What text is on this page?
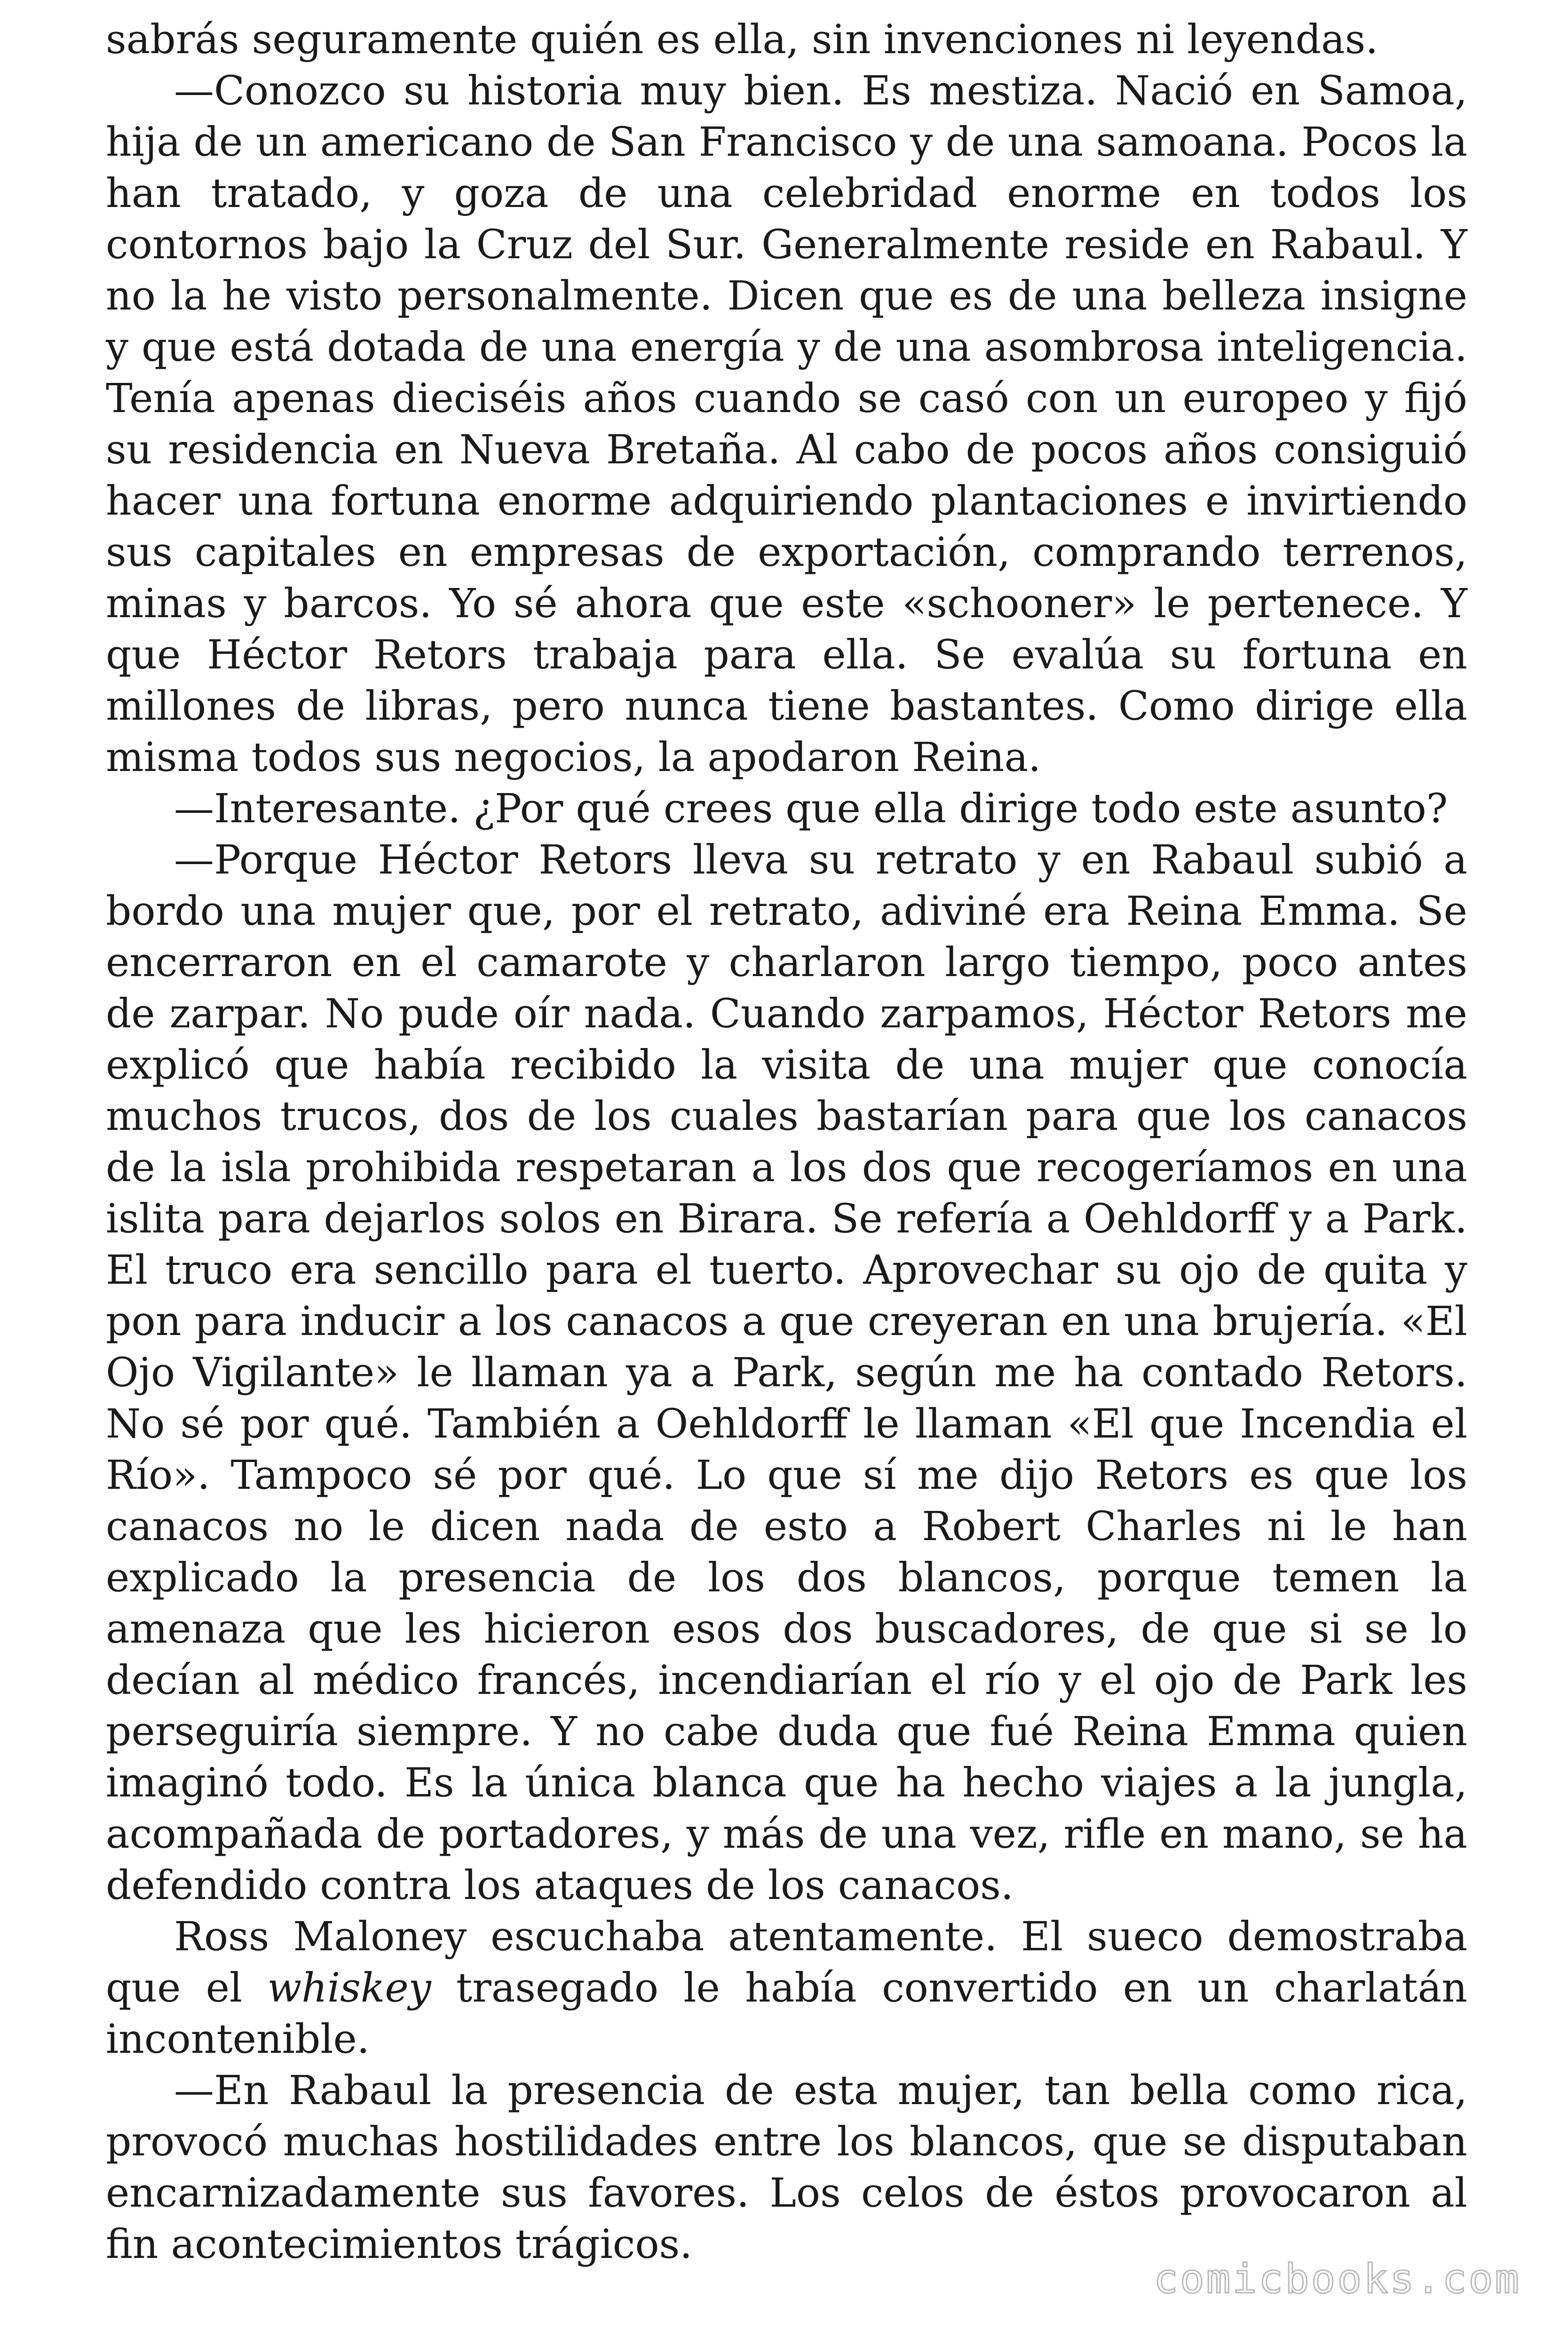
sabrás seguramente quién es ella, sin invenciones ni leyendas.

—Conozco su historia muy bien. Es mestiza. Nació en Samoa, hija de un americano de San Francisco y de una samoana. Pocos la han tratado, y goza de una celebridad enorme en todos los contornos bajo la Cruz del Sur. Generalmente reside en Rabaul. Y no la he visto personalmente. Dicen que es de una belleza insigne y que está dotada de una energía y de una asombrosa inteligencia. Tenía apenas dieciséis años cuando se casó con un europeo y fijó su residencia en Nueva Bretaña. Al cabo de pocos años consiguió hacer una fortuna enorme adquiriendo plantaciones e invirtiendo sus capitales en empresas de exportación, comprando terrenos, minas y barcos. Yo sé ahora que este «schooner» le pertenece. Y que Héctor Retors trabaja para ella. Se evalúa su fortuna en millones de libras, pero nunca tiene bastantes. Como dirige ella misma todos sus negocios, la apodaron Reina.

—Interesante. ¿Por qué crees que ella dirige todo este asunto?

—Porque Héctor Retors lleva su retrato y en Rabaul subió a bordo una mujer que, por el retrato, adiviné era Reina Emma. Se encerraron en el camarote y charlaron largo tiempo, poco antes de zarpar. No pude oír nada. Cuando zarpamos, Héctor Retors me explicó que había recibido la visita de una mujer que conocía muchos trucos, dos de los cuales bastarían para que los canacos de la isla prohibida respetaran a los dos que recogeríamos en una islita para dejarlos solos en Birara. Se refería a Oehldorff y a Park. El truco era sencillo para el tuerto. Aprovechar su ojo de quita y pon para inducir a los canacos a que creyeran en una brujería. «El Ojo Vigilante» le llaman ya a Park, según me ha contado Retors. No sé por qué. También a Oehldorff le llaman «El que Incendia el Río». Tampoco sé por qué. Lo que sí me dijo Retors es que los canacos no le dicen nada de esto a Robert Charles ni le han explicado la presencia de los dos blancos, porque temen la amenaza que les hicieron esos dos buscadores, de que si se lo decían al médico francés, incendiarían el río y el ojo de Park les perseguiría siempre. Y no cabe duda que fué Reina Emma quien imaginó todo. Es la única blanca que ha hecho viajes a la jungla, acompañada de portadores, y más de una vez, rifle en mano, se ha defendido contra los ataques de los canacos.

Ross Maloney escuchaba atentamente. El sueco demostraba que el whiskey trasegado le había convertido en un charlatán incontenible.

—En Rabaul la presencia de esta mujer, tan bella como rica, provocó muchas hostilidades entre los blancos, que se disputaban encarnizadamente sus favores. Los celos de éstos provocaron al fin acontecimientos trágicos.

comicbooks.com
